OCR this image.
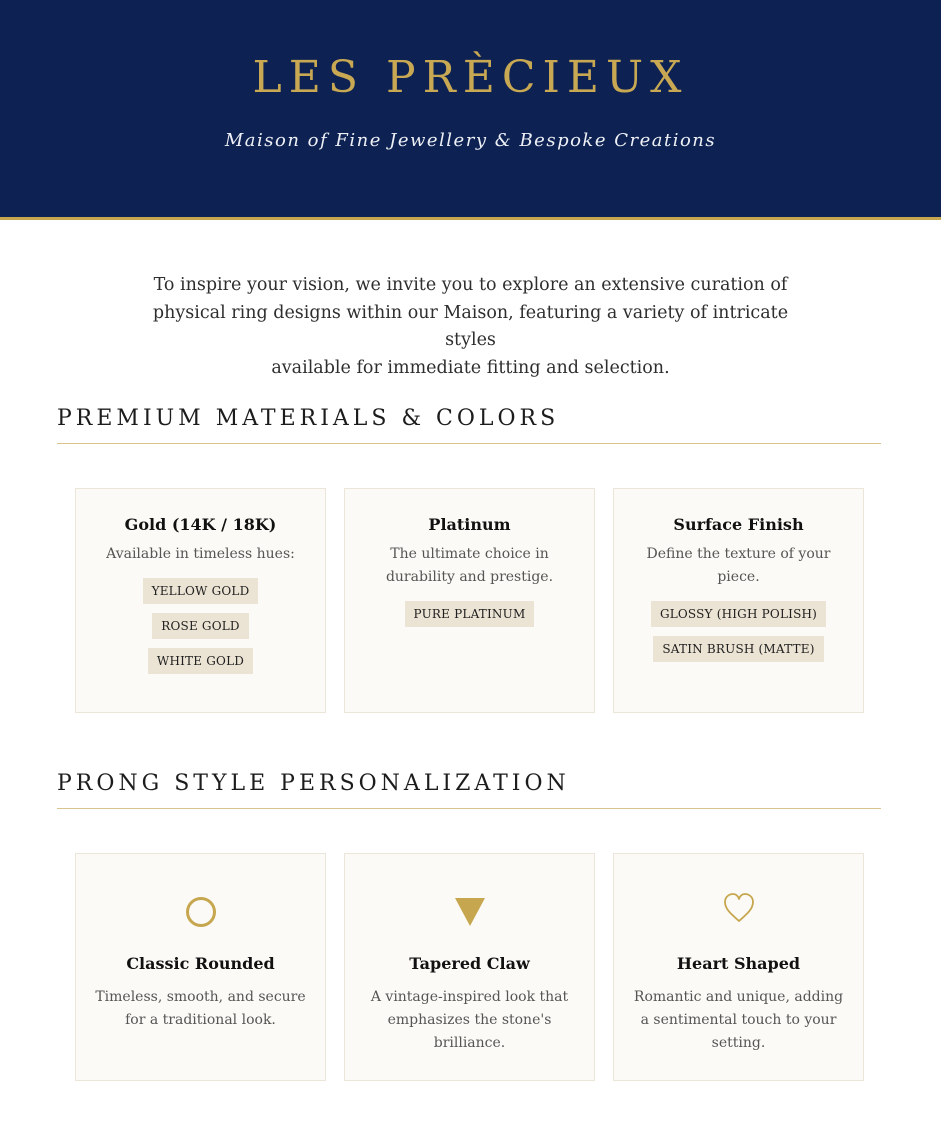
LES PRÈCIEUX
Maison of Fine Jewellery & Bespoke Creations
To inspire your vision, we invite you to explore an extensive curation of
physical ring designs within our Maison, featuring a variety of intricate styles
available for immediate fitting and selection.
PREMIUM MATERIALS & COLORS
Gold (14K / 18K)
Available in timeless hues:
YELLOW GOLD
ROSE GOLD
WHITE GOLD
Platinum
The ultimate choice in
durability and prestige.
PURE PLATINUM
Surface Finish
Define the texture of your
piece.
GLOSSY (HIGH POLISH)
SATIN BRUSH (MATTE)
PRONG STYLE PERSONALIZATION
Classic Rounded
Timeless, smooth, and secure
for a traditional look.
Tapered Claw
A vintage-inspired look that
emphasizes the stone's
brilliance.
Heart Shaped
Romantic and unique, adding
a sentimental touch to your
setting.
